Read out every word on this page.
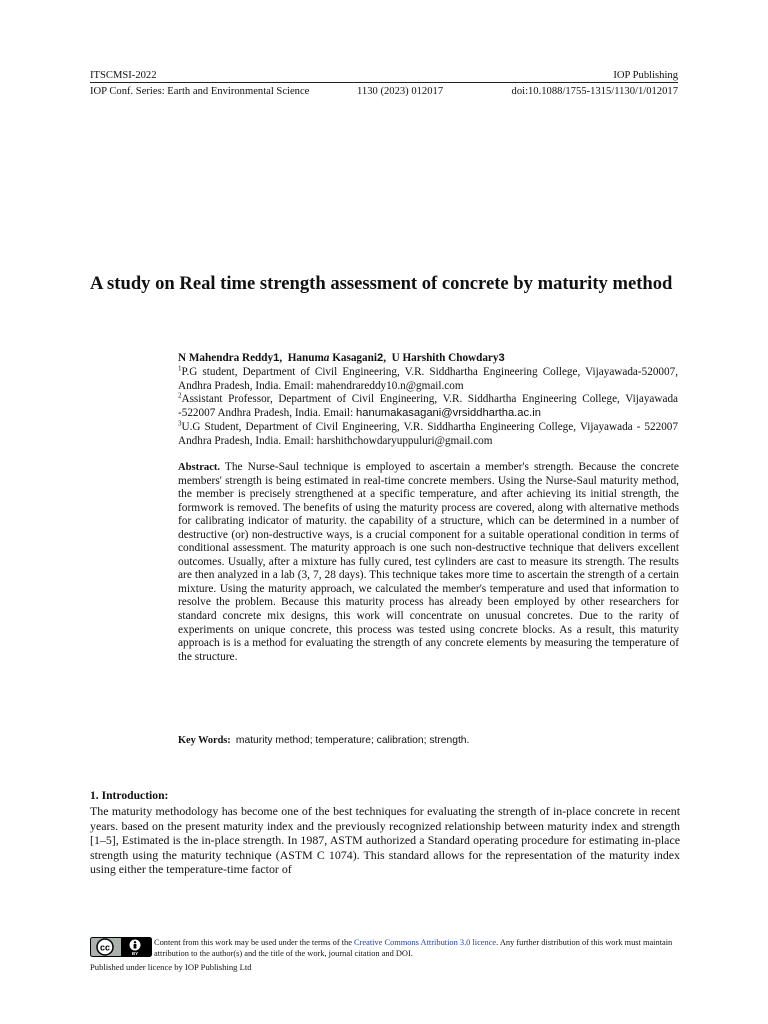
ITSCMSI-2022	IOP Publishing
IOP Conf. Series: Earth and Environmental Science	1130 (2023) 012017	doi:10.1088/1755-1315/1130/1/012017
A study on Real time strength assessment of concrete by maturity method
N Mahendra Reddy1,  Hanuma Kasagani2,  U Harshith Chowdary3
$^1$P.G student, Department of Civil Engineering, V.R. Siddhartha Engineering College, Vijayawada-520007, Andhra Pradesh, India. Email: mahendrareddy10.n@gmail.com
$^2$Assistant Professor, Department of Civil Engineering, V.R. Siddhartha Engineering College, Vijayawada -522007 Andhra Pradesh, India. Email: hanumakasagani@vrsiddhartha.ac.in
$^3$U.G Student, Department of Civil Engineering, V.R. Siddhartha Engineering College, Vijayawada - 522007 Andhra Pradesh, India. Email: harshithchowdaryuppuluri@gmail.com

Abstract. The Nurse-Saul technique is employed to ascertain a member's strength. Because the concrete members' strength is being estimated in real-time concrete members. Using the Nurse-Saul maturity method, the member is precisely strengthened at a specific temperature, and after achieving its initial strength, the formwork is removed. The benefits of using the maturity process are covered, along with alternative methods for calibrating indicator of maturity. the capability of a structure, which can be determined in a number of destructive (or) non-destructive ways, is a crucial component for a suitable operational condition in terms of conditional assessment. The maturity approach is one such non-destructive technique that delivers excellent outcomes. Usually, after a mixture has fully cured, test cylinders are cast to measure its strength. The results are then analyzed in a lab (3, 7, 28 days). This technique takes more time to ascertain the strength of a certain mixture. Using the maturity approach, we calculated the member's temperature and used that information to resolve the problem. Because this maturity process has already been employed by other researchers for standard concrete mix designs, this work will concentrate on unusual concretes. Due to the rarity of experiments on unique concrete, this process was tested using concrete blocks. As a result, this maturity approach is is a method for evaluating the strength of any concrete elements by measuring the temperature of the structure.

Key Words: maturity method; temperature; calibration; strength.
1. Introduction:

The maturity methodology has become one of the best techniques for evaluating the strength of in-place concrete in recent years. based on the present maturity index and the previously recognized relationship between maturity index and strength [1–5], Estimated is the in-place strength. In 1987, ASTM authorized a Standard operating procedure for estimating in-place strength using the maturity technique (ASTM C 1074). This standard allows for the representation of the maturity index using either the temperature-time factor of

cc
BY
Content from this work may be used under the terms of the Creative Commons Attribution 3.0 licence. Any further distribution of this work must maintain attribution to the author(s) and the title of the work, journal citation and DOI.
Published under licence by IOP Publishing Ltd
